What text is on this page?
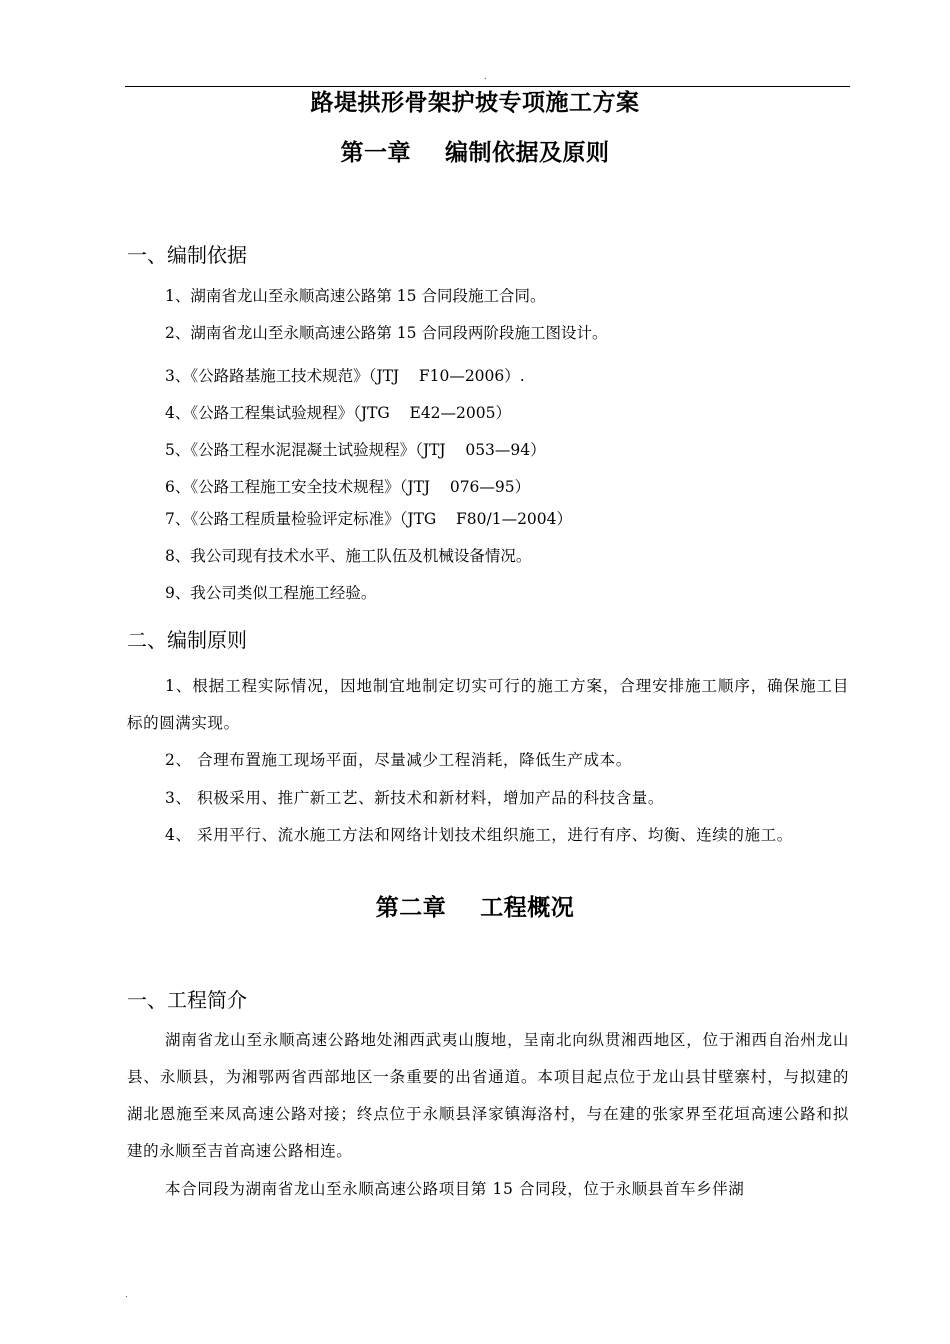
.
路堤拱形骨架护坡专项施工方案
第一章    编制依据及原则
一、编制依据
1、湖南省龙山至永顺高速公路第 15 合同段施工合同。
2、湖南省龙山至永顺高速公路第 15 合同段两阶段施工图设计。
3、《公路路基施工技术规范》（JTJ    F10—2006）.
4、《公路工程集试验规程》（JTG    E42—2005）
5、《公路工程水泥混凝土试验规程》（JTJ    053—94）
6、《公路工程施工安全技术规程》（JTJ    076—95）
7、《公路工程质量检验评定标准》（JTG    F80/1—2004）
8、我公司现有技术水平、施工队伍及机械设备情况。
9、我公司类似工程施工经验。
二、编制原则

1、根据工程实际情况，因地制宜地制定切实可行的施工方案，合理安排施工顺序，确保施工目标的圆满实现。

2、 合理布置施工现场平面，尽量减少工程消耗，降低生产成本。

3、 积极采用、推广新工艺、新技术和新材料，增加产品的科技含量。

4、 采用平行、流水施工方法和网络计划技术组织施工，进行有序、均衡、连续的施工。

第二章    工程概况
一、工程简介

湖南省龙山至永顺高速公路地处湘西武夷山腹地，呈南北向纵贯湘西地区，位于湘西自治州龙山县、永顺县，为湘鄂两省西部地区一条重要的出省通道。本项目起点位于龙山县甘壁寨村，与拟建的湖北恩施至来凤高速公路对接；终点位于永顺县泽家镇海洛村，与在建的张家界至花垣高速公路和拟建的永顺至吉首高速公路相连。

本合同段为湖南省龙山至永顺高速公路项目第 15 合同段，位于永顺县首车乡伴湖

.
